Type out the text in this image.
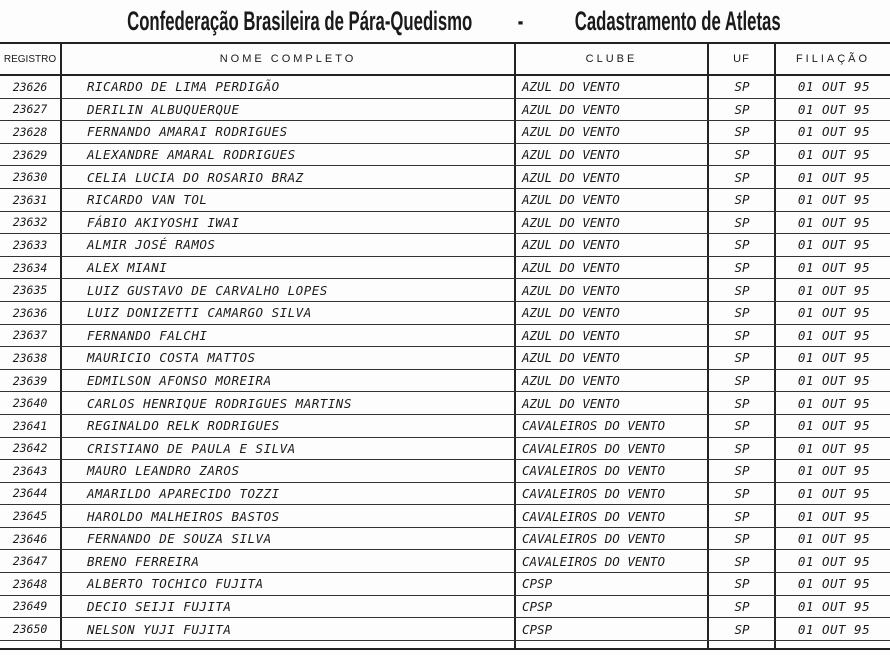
Confederação Brasileira de Pára-Quedismo - Cadastramento de Atletas
REGISTRO	NOME COMPLETO	CLUBE	UF	FILIAÇÃO
23626	RICARDO DE LIMA PERDIGÃO	AZUL DO VENTO	SP	01 OUT 95
23627	DERILIN ALBUQUERQUE	AZUL DO VENTO	SP	01 OUT 95
23628	FERNANDO AMARAI RODRIGUES	AZUL DO VENTO	SP	01 OUT 95
23629	ALEXANDRE AMARAL RODRIGUES	AZUL DO VENTO	SP	01 OUT 95
23630	CELIA LUCIA DO ROSARIO BRAZ	AZUL DO VENTO	SP	01 OUT 95
23631	RICARDO VAN TOL	AZUL DO VENTO	SP	01 OUT 95
23632	FÁBIO AKIYOSHI IWAI	AZUL DO VENTO	SP	01 OUT 95
23633	ALMIR JOSÉ RAMOS	AZUL DO VENTO	SP	01 OUT 95
23634	ALEX MIANI	AZUL DO VENTO	SP	01 OUT 95
23635	LUIZ GUSTAVO DE CARVALHO LOPES	AZUL DO VENTO	SP	01 OUT 95
23636	LUIZ DONIZETTI CAMARGO SILVA	AZUL DO VENTO	SP	01 OUT 95
23637	FERNANDO FALCHI	AZUL DO VENTO	SP	01 OUT 95
23638	MAURICIO COSTA MATTOS	AZUL DO VENTO	SP	01 OUT 95
23639	EDMILSON AFONSO MOREIRA	AZUL DO VENTO	SP	01 OUT 95
23640	CARLOS HENRIQUE RODRIGUES MARTINS	AZUL DO VENTO	SP	01 OUT 95
23641	REGINALDO RELK RODRIGUES	CAVALEIROS DO VENTO	SP	01 OUT 95
23642	CRISTIANO DE PAULA E SILVA	CAVALEIROS DO VENTO	SP	01 OUT 95
23643	MAURO LEANDRO ZAROS	CAVALEIROS DO VENTO	SP	01 OUT 95
23644	AMARILDO APARECIDO TOZZI	CAVALEIROS DO VENTO	SP	01 OUT 95
23645	HAROLDO MALHEIROS BASTOS	CAVALEIROS DO VENTO	SP	01 OUT 95
23646	FERNANDO DE SOUZA SILVA	CAVALEIROS DO VENTO	SP	01 OUT 95
23647	BRENO FERREIRA	CAVALEIROS DO VENTO	SP	01 OUT 95
23648	ALBERTO TOCHICO FUJITA	CPSP	SP	01 OUT 95
23649	DECIO SEIJI FUJITA	CPSP	SP	01 OUT 95
23650	NELSON YUJI FUJITA	CPSP	SP	01 OUT 95
